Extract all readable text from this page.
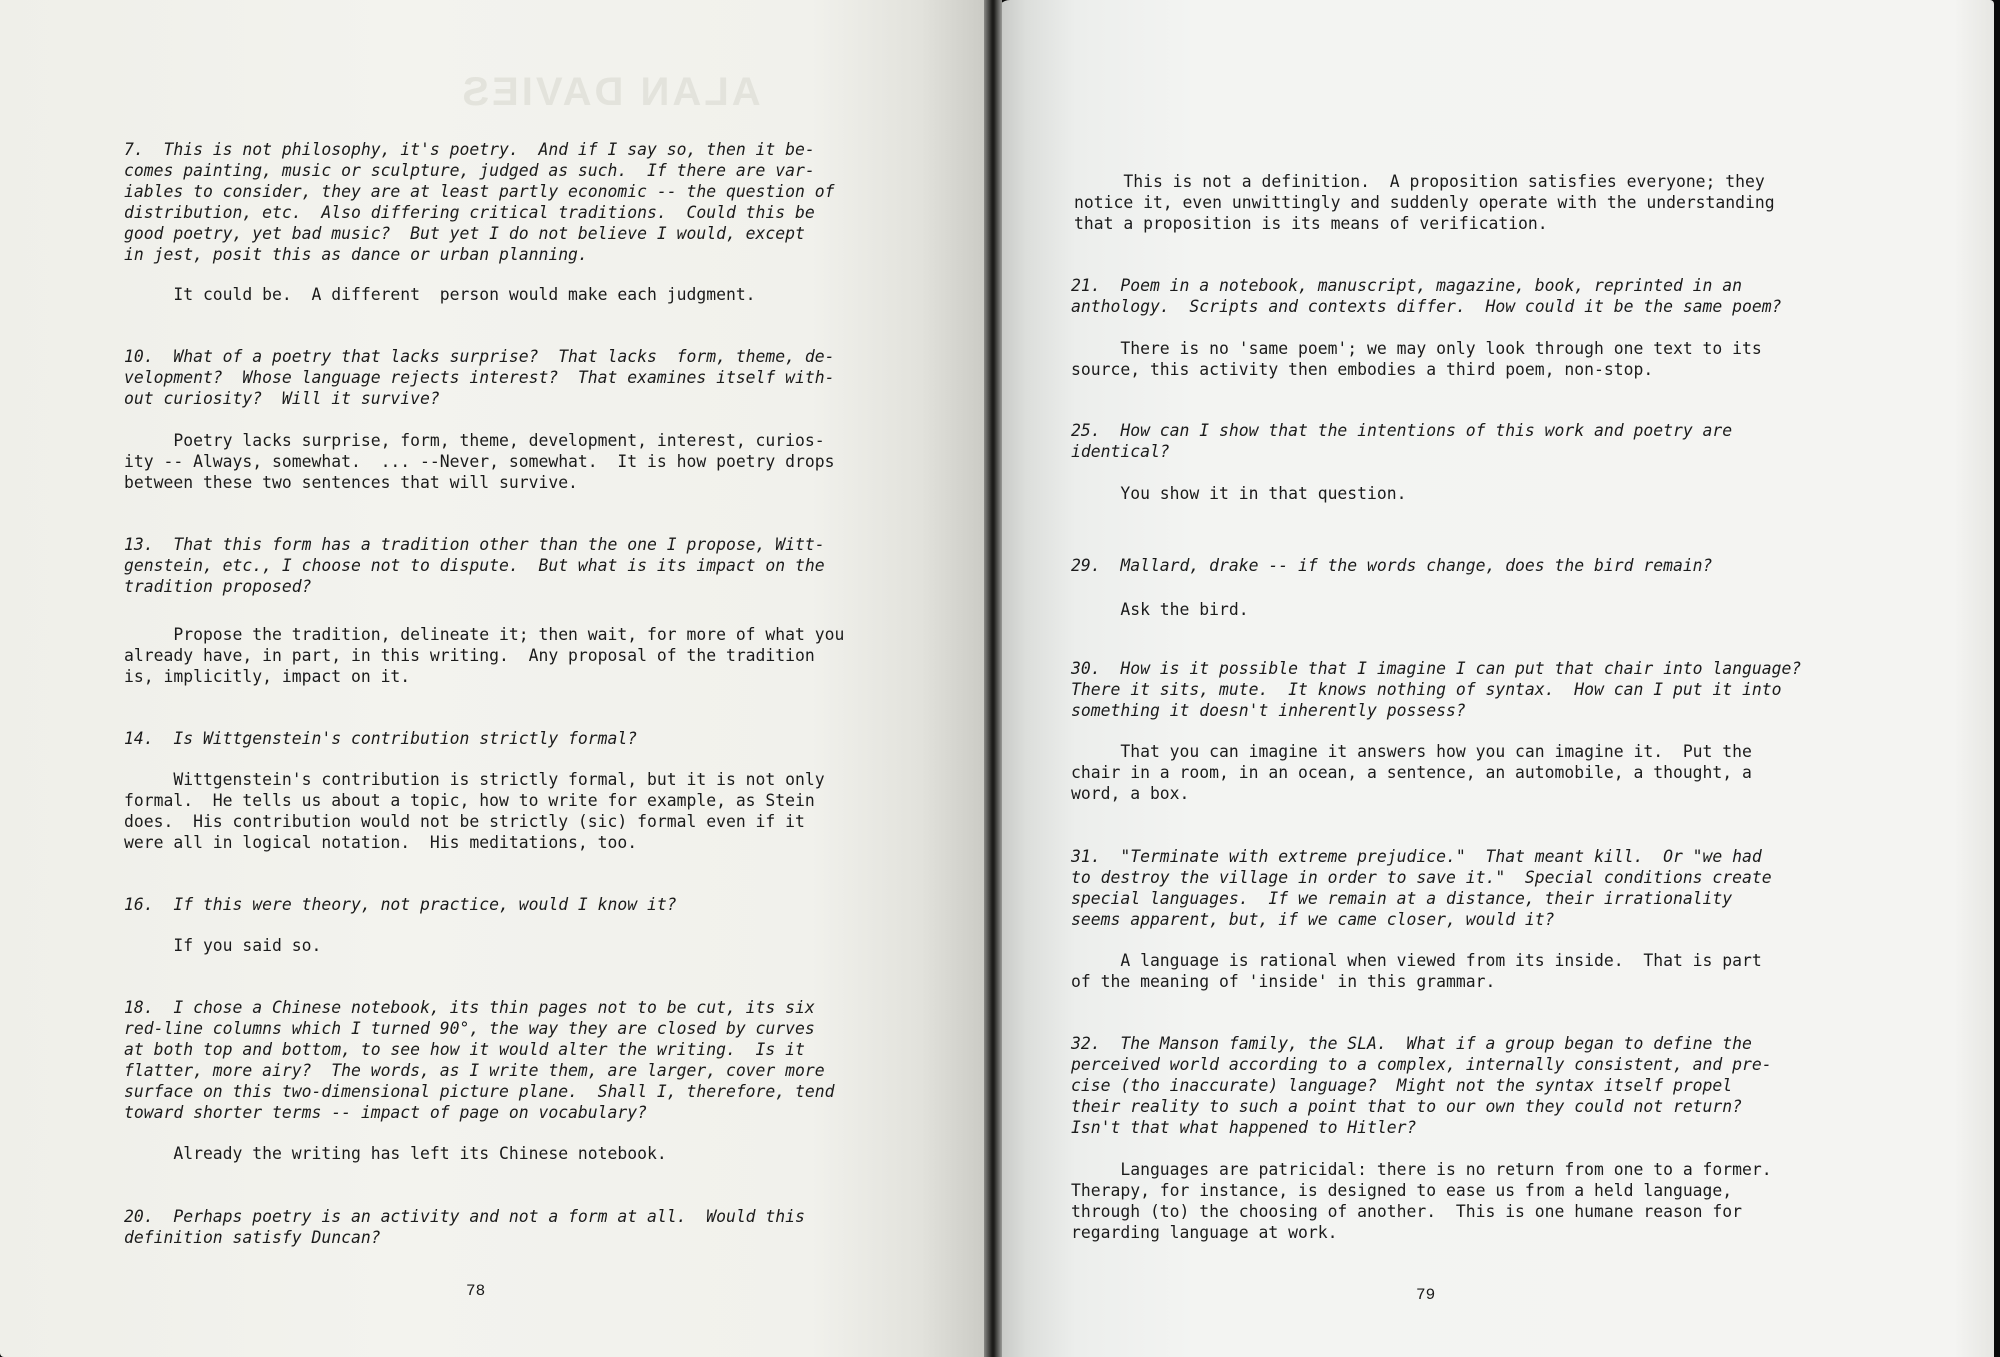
ALAN DAVIES
7.  This is not philosophy, it's poetry.  And if I say so, then it be-
comes painting, music or sculpture, judged as such.  If there are var-
iables to consider, they are at least partly economic -- the question of
distribution, etc.  Also differing critical traditions.  Could this be
good poetry, yet bad music?  But yet I do not believe I would, except
in jest, posit this as dance or urban planning.
It could be.  A different  person would make each judgment.
10.  What of a poetry that lacks surprise?  That lacks  form, theme, de-
velopment?  Whose language rejects interest?  That examines itself with-
out curiosity?  Will it survive?
Poetry lacks surprise, form, theme, development, interest, curios-
ity -- Always, somewhat.  ... --Never, somewhat.  It is how poetry drops
between these two sentences that will survive.
13.  That this form has a tradition other than the one I propose, Witt-
genstein, etc., I choose not to dispute.  But what is its impact on the
tradition proposed?
Propose the tradition, delineate it; then wait, for more of what you
already have, in part, in this writing.  Any proposal of the tradition
is, implicitly, impact on it.
14.  Is Wittgenstein's contribution strictly formal?
Wittgenstein's contribution is strictly formal, but it is not only
formal.  He tells us about a topic, how to write for example, as Stein
does.  His contribution would not be strictly (sic) formal even if it
were all in logical notation.  His meditations, too.
16.  If this were theory, not practice, would I know it?
If you said so.
18.  I chose a Chinese notebook, its thin pages not to be cut, its six
red-line columns which I turned 90°, the way they are closed by curves
at both top and bottom, to see how it would alter the writing.  Is it
flatter, more airy?  The words, as I write them, are larger, cover more
surface on this two-dimensional picture plane.  Shall I, therefore, tend
toward shorter terms -- impact of page on vocabulary?
Already the writing has left its Chinese notebook.
20.  Perhaps poetry is an activity and not a form at all.  Would this
definition satisfy Duncan?
78
This is not a definition.  A proposition satisfies everyone; they
notice it, even unwittingly and suddenly operate with the understanding
that a proposition is its means of verification.
21.  Poem in a notebook, manuscript, magazine, book, reprinted in an
anthology.  Scripts and contexts differ.  How could it be the same poem?
There is no 'same poem'; we may only look through one text to its
source, this activity then embodies a third poem, non-stop.
25.  How can I show that the intentions of this work and poetry are
identical?
You show it in that question.
29.  Mallard, drake -- if the words change, does the bird remain?
Ask the bird.
30.  How is it possible that I imagine I can put that chair into language?
There it sits, mute.  It knows nothing of syntax.  How can I put it into
something it doesn't inherently possess?
That you can imagine it answers how you can imagine it.  Put the
chair in a room, in an ocean, a sentence, an automobile, a thought, a
word, a box.
31.  "Terminate with extreme prejudice."  That meant kill.  Or "we had
to destroy the village in order to save it."  Special conditions create
special languages.  If we remain at a distance, their irrationality
seems apparent, but, if we came closer, would it?
A language is rational when viewed from its inside.  That is part
of the meaning of 'inside' in this grammar.
32.  The Manson family, the SLA.  What if a group began to define the
perceived world according to a complex, internally consistent, and pre-
cise (tho inaccurate) language?  Might not the syntax itself propel
their reality to such a point that to our own they could not return?
Isn't that what happened to Hitler?
Languages are patricidal: there is no return from one to a former.
Therapy, for instance, is designed to ease us from a held language,
through (to) the choosing of another.  This is one humane reason for
regarding language at work.
79
